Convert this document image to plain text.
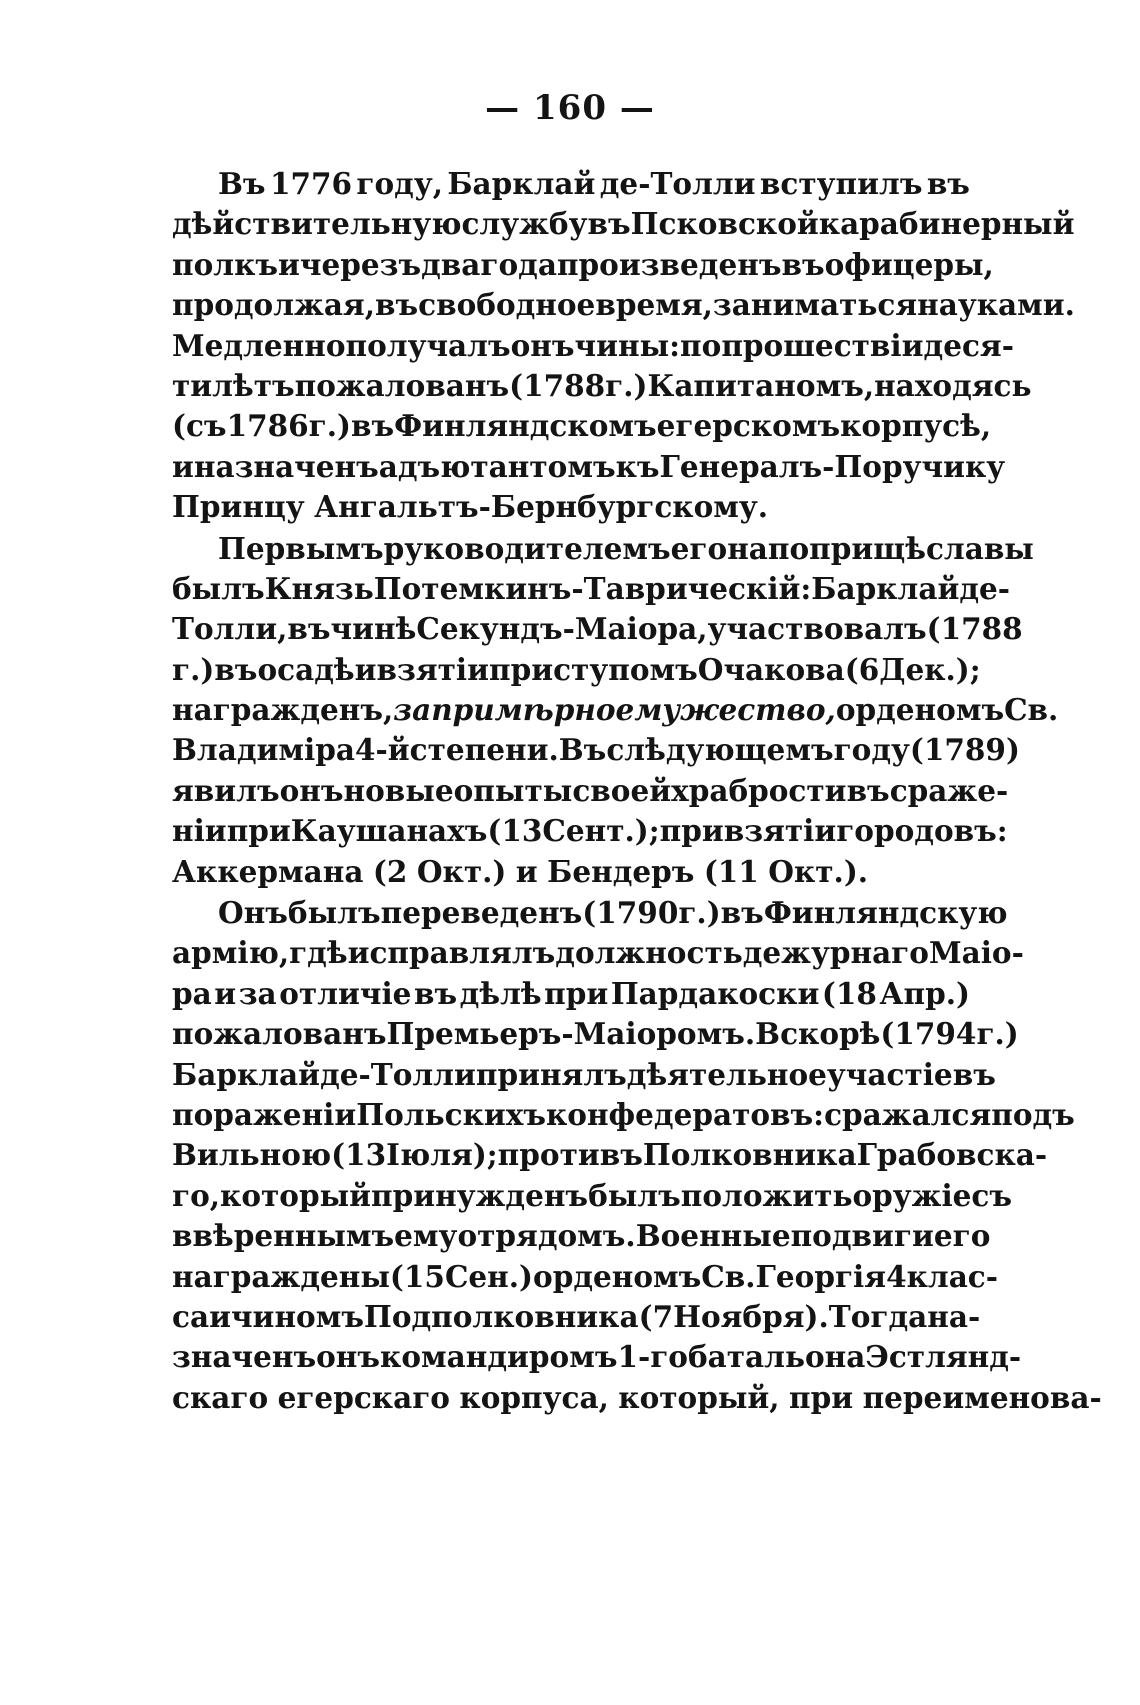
— 160 —
Въ 1776 году, Барклай де-Толли вступилъ въ
дѣйствительную службу въ Псковской карабинерный
полкъ и черезъ два года произведенъ въ офицеры ,
продолжая, въ свободное время, заниматься науками.
Медленно получалъ онъ чины: по прошествіи деся-
ти лѣтъ пожалованъ (1788 г.) Капитаномъ, находясь
(съ 1786 г.) въ Финляндскомъ егерскомъ корпусѣ,
и назначенъ адъютантомъ къ Генералъ-Поручику
Принцу Ангальтъ-Бернбургскому.
Первымъ руководителемъ его на поприщѣ славы
былъ Князь Потемкинъ-Таврическій: Барклай де-
Толли, въ чинѣ Секундъ-Маіора, участвовалъ (1788
г.) въ осадѣ и взятіи приступомъ Очакова (6 Дек.);
награжденъ, за примѣрное мужество, орденомъ Св.
Владиміра 4-й степени. Въ слѣдующемъ году (1789)
явилъ онъ новые опыты своей храбрости въ сраже-
ніи при Каушанахъ (13 Сент.); при взятіи городовъ:
Аккермана (2 Окт.) и Бендеръ (11 Окт.).
Онъ былъ переведенъ (1790 г.) въ Финляндскую
армію, гдѣ исправлялъ должность дежурнаго Маіо-
ра и за отличіе въ дѣлѣ при Пардакоски (18 Апр.)
пожалованъ Премьеръ-Маіоромъ. Вскорѣ (1794 г.)
Барклай де-Толли принялъ дѣятельное участіе въ
пораженіи Польскихъ конфедератовъ: сражался подъ
Вильною (13 Іюля); противъ Полковника Грабовска-
го, который принужденъ былъ положить оружіе съ
ввѣреннымъ ему отрядомъ. Военные подвиги его
награждены (15 Сен.) орденомъ Св. Георгія 4 клас-
са и чиномъ Подполковника (7 Ноября). Тогда на-
значенъ онъ командиромъ 1-го батальона Эстлянд-
скаго егерскаго корпуса, который, при переименова-
